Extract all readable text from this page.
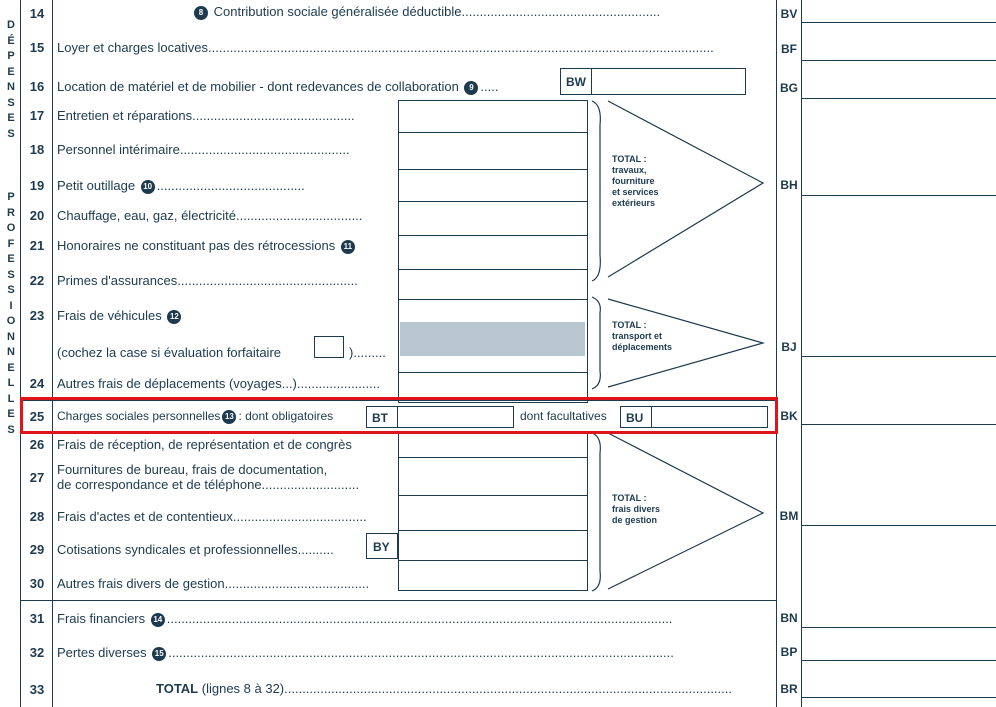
D
É
P
E
N
S
E
S
P
R
O
F
E
S
S
I
O
N
N
E
L
L
E
S
14	8 Contribution sociale généralisée déductible.......................................................	BV
15 Loyer et charges locatives............................................................................................................................................	BF
16 Location de matériel et de mobilier - dont redevances de collaboration 9 .....	BW	BG
TOTAL :
travaux,
fourniture
et services
extérieurs
TOTAL :
transport et
déplacements
TOTAL :
frais divers
de gestion
17 Entretien et réparations.............................................
18 Personnel intérimaire...............................................
19 Petit outillage 10 .........................................	BH
20 Chauffage, eau, gaz, électricité...................................
21 Honoraires ne constituant pas des rétrocessions 11
22 Primes d'assurances..................................................
23 Frais de véhicules 12
(cochez la case si évaluation forfaitaire	).........	BJ
24 Autres frais de déplacements (voyages...).......................
25	Charges sociales personnelles 13 : dont obligatoires	BT	dont facultatives BU	BK
26 Frais de réception, de représentation et de congrès
27
Fournitures de bureau, frais de documentation,
de correspondance et de téléphone...........................
28 Frais d'actes et de contentieux.....................................	BM
29 Cotisations syndicales et professionnelles..........	BY
30 Autres frais divers de gestion........................................
31 Frais financiers 14 ............................................................................................................................................	BN
32 Pertes diverses 15 ............................................................................................................................................	BP
33	TOTAL (lignes 8 à 32)............................................................................................................................	BR
